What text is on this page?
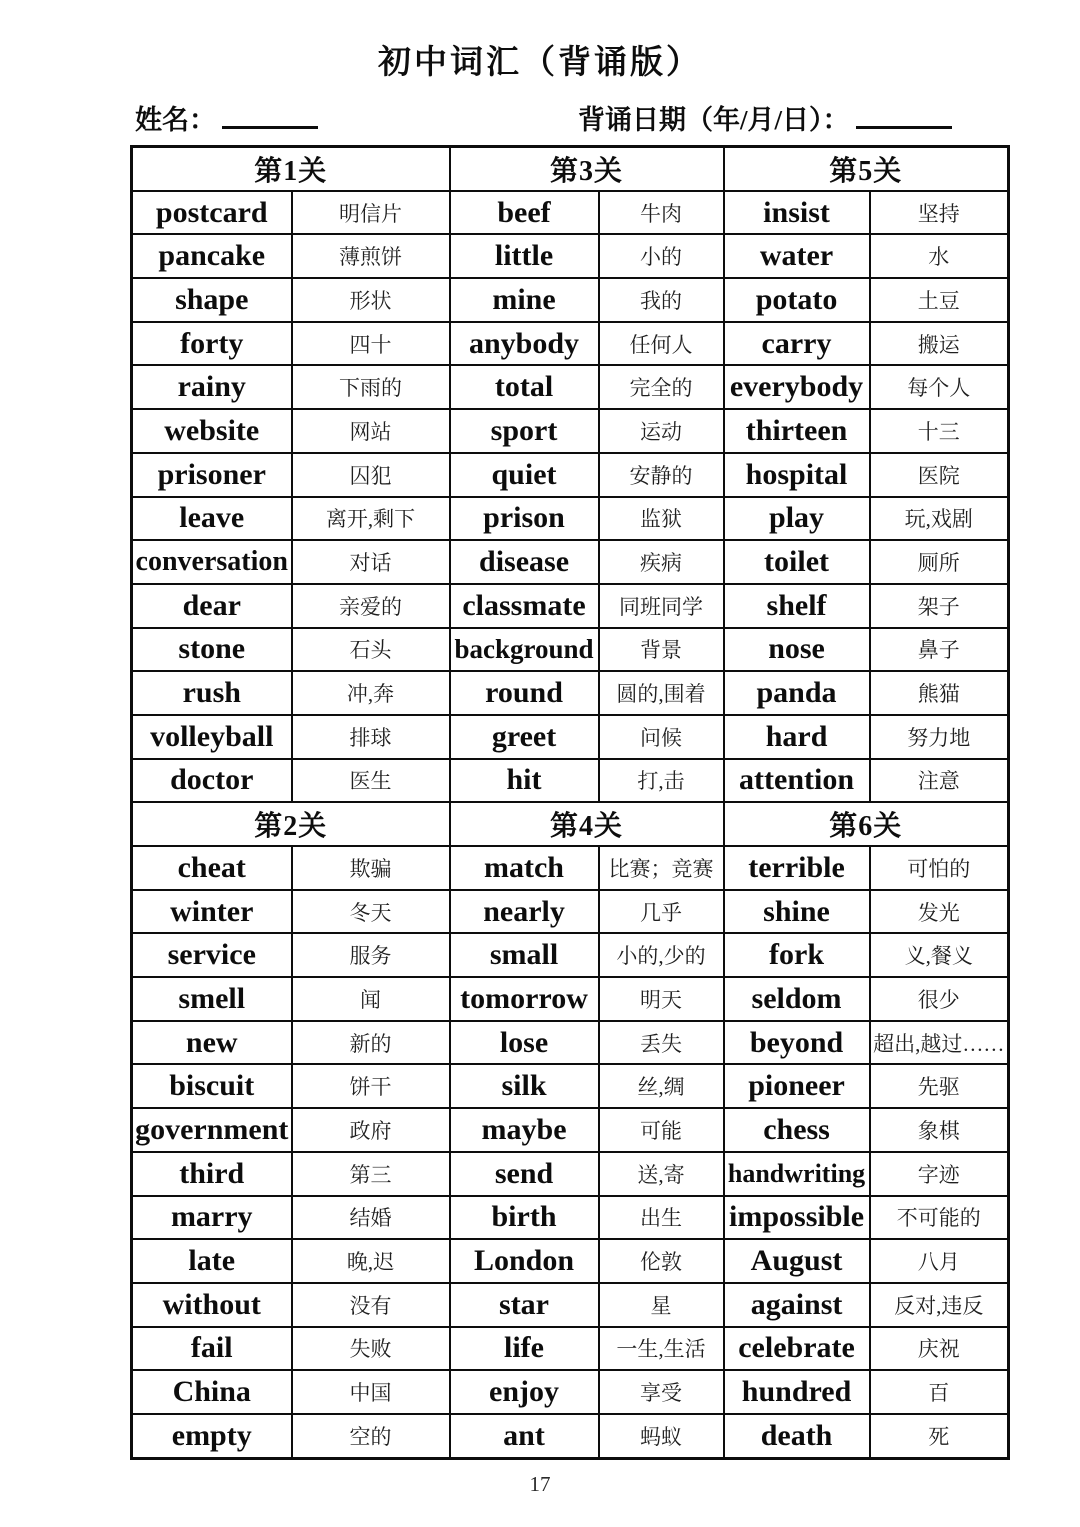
初中词汇（背诵版）
姓名：	背诵日期（年/月/日）：
第1关		第3关		第5关	
postcard	明信片	beef	牛肉	insist	坚持
pancake	薄煎饼	little	小的	water	水
shape	形状	mine	我的	potato	土豆
forty	四十	anybody	任何人	carry	搬运
rainy	下雨的	total	完全的	everybody	每个人
website	网站	sport	运动	thirteen	十三
prisoner	囚犯	quiet	安静的	hospital	医院
leave	离开,剩下	prison	监狱	play	玩,戏剧
conversation	对话	disease	疾病	toilet	厕所
dear	亲爱的	classmate	同班同学	shelf	架子
stone	石头	background	背景	nose	鼻子
rush	冲,奔	round	圆的,围着	panda	熊猫
volleyball	排球	greet	问候	hard	努力地
doctor	医生	hit	打,击	attention	注意
第2关		第4关		第6关	
cheat	欺骗	match	比赛；竞赛	terrible	可怕的
winter	冬天	nearly	几乎	shine	发光
service	服务	small	小的,少的	fork	义,餐义
smell	闻	tomorrow	明天	seldom	很少
new	新的	lose	丢失	beyond	超出,越过……
biscuit	饼干	silk	丝,绸	pioneer	先驱
government	政府	maybe	可能	chess	象棋
third	第三	send	送,寄	handwriting	字迹
marry	结婚	birth	出生	impossible	不可能的
late	晚,迟	London	伦敦	August	八月
without	没有	star	星	against	反对,违反
fail	失败	life	一生,生活	celebrate	庆祝
China	中国	enjoy	享受	hundred	百
empty	空的	ant	蚂蚁	death	死
17
